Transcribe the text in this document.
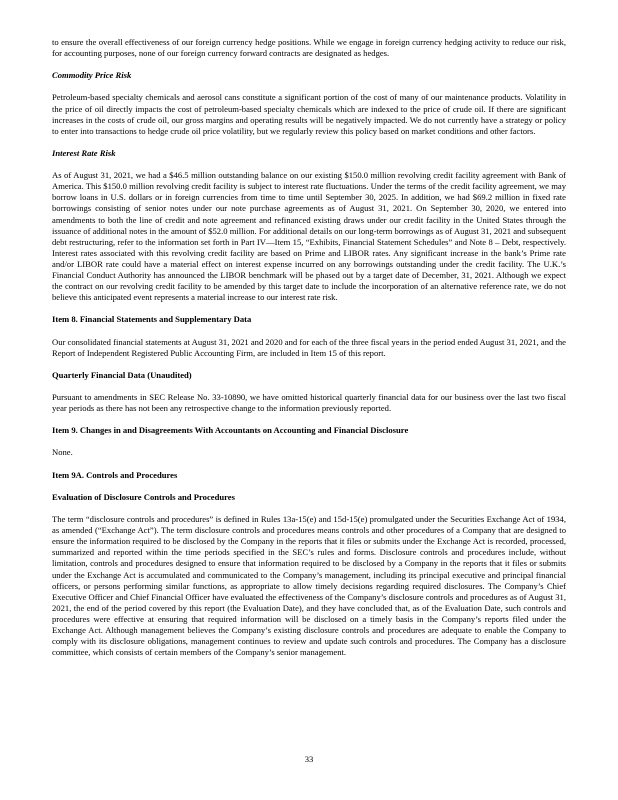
to ensure the overall effectiveness of our foreign currency hedge positions. While we engage in foreign currency hedging activity to reduce our risk, for accounting purposes, none of our foreign currency forward contracts are designated as hedges.

Commodity Price Risk

Petroleum-based specialty chemicals and aerosol cans constitute a significant portion of the cost of many of our maintenance products. Volatility in the price of oil directly impacts the cost of petroleum-based specialty chemicals which are indexed to the price of crude oil. If there are significant increases in the costs of crude oil, our gross margins and operating results will be negatively impacted. We do not currently have a strategy or policy to enter into transactions to hedge crude oil price volatility, but we regularly review this policy based on market conditions and other factors.

Interest Rate Risk

As of August 31, 2021, we had a $46.5 million outstanding balance on our existing $150.0 million revolving credit facility agreement with Bank of America. This $150.0 million revolving credit facility is subject to interest rate fluctuations. Under the terms of the credit facility agreement, we may borrow loans in U.S. dollars or in foreign currencies from time to time until September 30, 2025. In addition, we had $69.2 million in fixed rate borrowings consisting of senior notes under our note purchase agreements as of August 31, 2021. On September 30, 2020, we entered into amendments to both the line of credit and note agreement and refinanced existing draws under our credit facility in the United States through the issuance of additional notes in the amount of $52.0 million. For additional details on our long-term borrowings as of August 31, 2021 and subsequent debt restructuring, refer to the information set forth in Part IV—Item 15, “Exhibits, Financial Statement Schedules” and Note 8 – Debt, respectively. Interest rates associated with this revolving credit facility are based on Prime and LIBOR rates. Any significant increase in the bank’s Prime rate and/or LIBOR rate could have a material effect on interest expense incurred on any borrowings outstanding under the credit facility. The U.K.’s Financial Conduct Authority has announced the LIBOR benchmark will be phased out by a target date of December, 31, 2021. Although we expect the contract on our revolving credit facility to be amended by this target date to include the incorporation of an alternative reference rate, we do not believe this anticipated event represents a material increase to our interest rate risk.

Item 8. Financial Statements and Supplementary Data

Our consolidated financial statements at August 31, 2021 and 2020 and for each of the three fiscal years in the period ended August 31, 2021, and the Report of Independent Registered Public Accounting Firm, are included in Item 15 of this report.

Quarterly Financial Data (Unaudited)

Pursuant to amendments in SEC Release No. 33-10890, we have omitted historical quarterly financial data for our business over the last two fiscal year periods as there has not been any retrospective change to the information previously reported.

Item 9. Changes in and Disagreements With Accountants on Accounting and Financial Disclosure

None.

Item 9A. Controls and Procedures

Evaluation of Disclosure Controls and Procedures

The term “disclosure controls and procedures” is defined in Rules 13a-15(e) and 15d-15(e) promulgated under the Securities Exchange Act of 1934, as amended (“Exchange Act”). The term disclosure controls and procedures means controls and other procedures of a Company that are designed to ensure the information required to be disclosed by the Company in the reports that it files or submits under the Exchange Act is recorded, processed, summarized and reported within the time periods specified in the SEC’s rules and forms. Disclosure controls and procedures include, without limitation, controls and procedures designed to ensure that information required to be disclosed by a Company in the reports that it files or submits under the Exchange Act is accumulated and communicated to the Company’s management, including its principal executive and principal financial officers, or persons performing similar functions, as appropriate to allow timely decisions regarding required disclosures. The Company’s Chief Executive Officer and Chief Financial Officer have evaluated the effectiveness of the Company’s disclosure controls and procedures as of August 31, 2021, the end of the period covered by this report (the Evaluation Date), and they have concluded that, as of the Evaluation Date, such controls and procedures were effective at ensuring that required information will be disclosed on a timely basis in the Company’s reports filed under the Exchange Act. Although management believes the Company’s existing disclosure controls and procedures are adequate to enable the Company to comply with its disclosure obligations, management continues to review and update such controls and procedures. The Company has a disclosure committee, which consists of certain members of the Company’s senior management.

33
